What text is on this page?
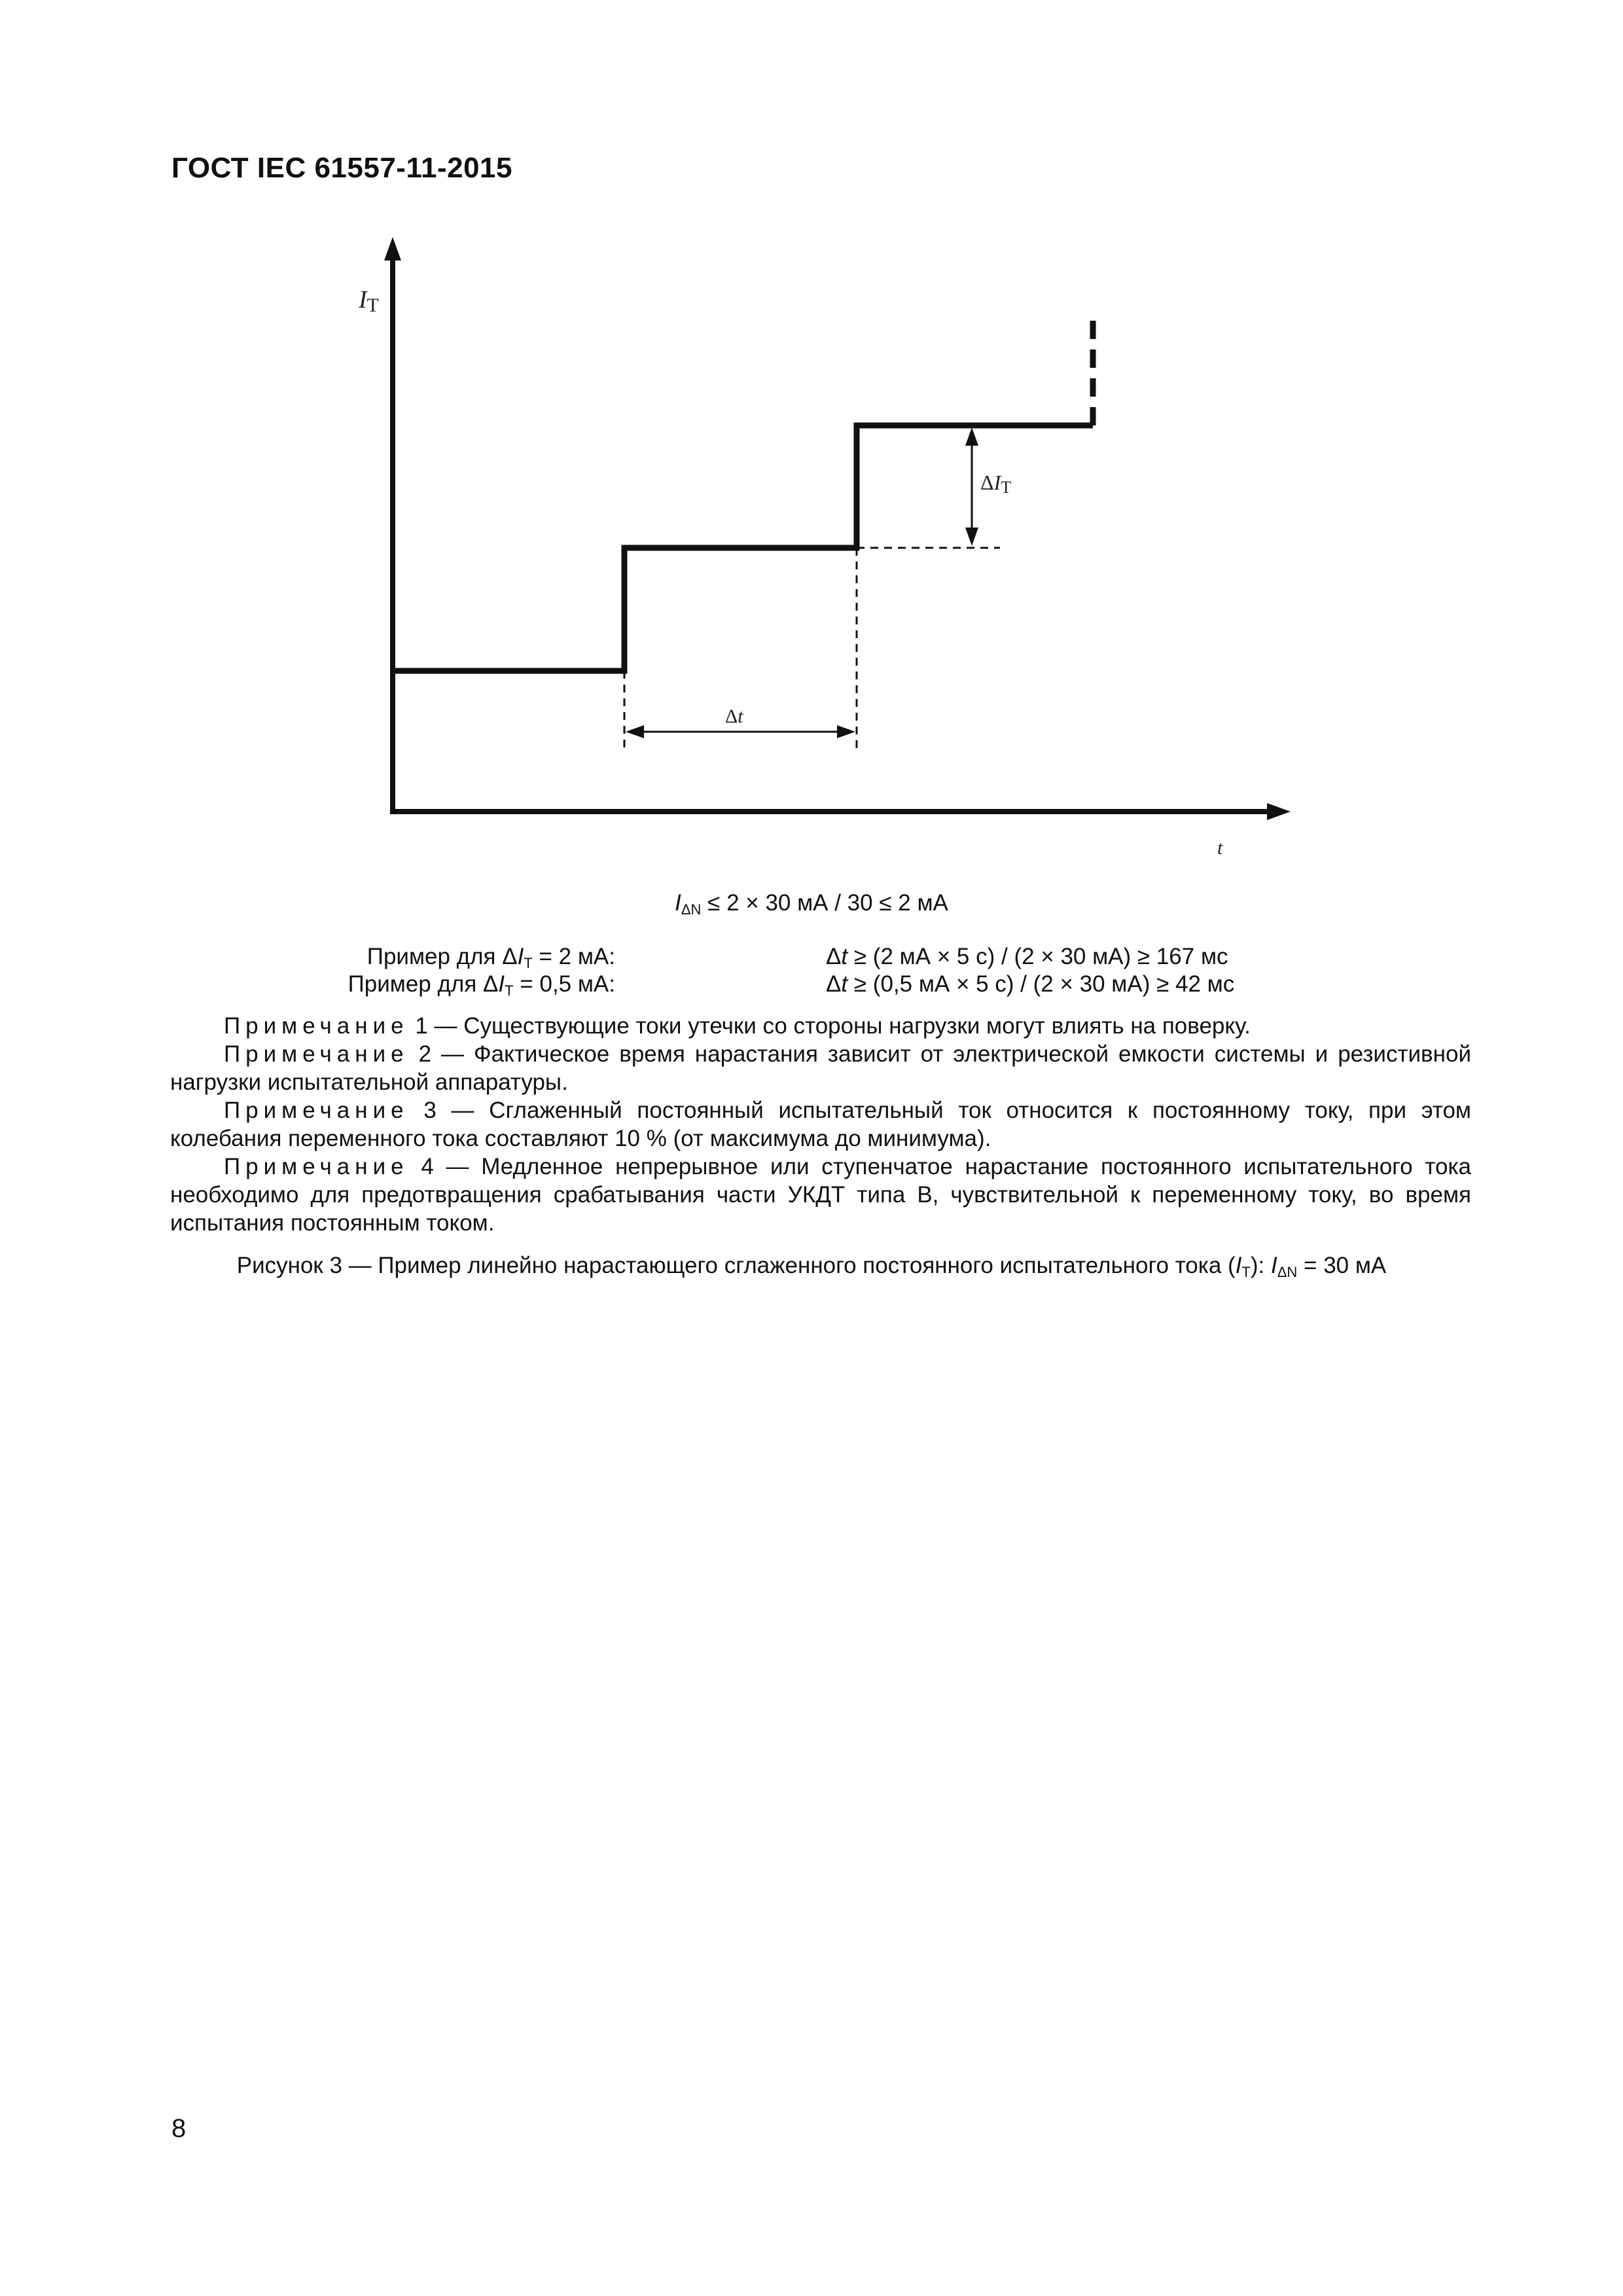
ГОСТ IEC 61557-11-2015
IT
t
ΔIT
Δt
$I_{\Delta N} \le 2 \times 30$ мА / 30 ≤ 2 мА
Пример для $\Delta I_T = 2$ мА:	Δt ≥ (2 мА × 5 с) / (2 × 30 мА) ≥ 167 мс
Пример для $\Delta I_T = 0,5$ мА:	Δt ≥ (0,5 мА × 5 с) / (2 × 30 мА) ≥ 42 мс

Примечание 1 — Существующие токи утечки со стороны нагрузки могут влиять на поверку.

Примечание 2 — Фактическое время нарастания зависит от электрической емкости системы и резистивной нагрузки испытательной аппаратуры.

Примечание 3 — Сглаженный постоянный испытательный ток относится к постоянному току, при этом колебания переменного тока составляют 10 % (от максимума до минимума).

Примечание 4 — Медленное непрерывное или ступенчатое нарастание постоянного испытательного тока необходимо для предотвращения срабатывания части УКДТ типа В, чувствительной к переменному току, во время испытания постоянным током.

Рисунок 3 — Пример линейно нарастающего сглаженного постоянного испытательного тока $(I_T)$: $I_{\Delta N} = 30$ мА
8
